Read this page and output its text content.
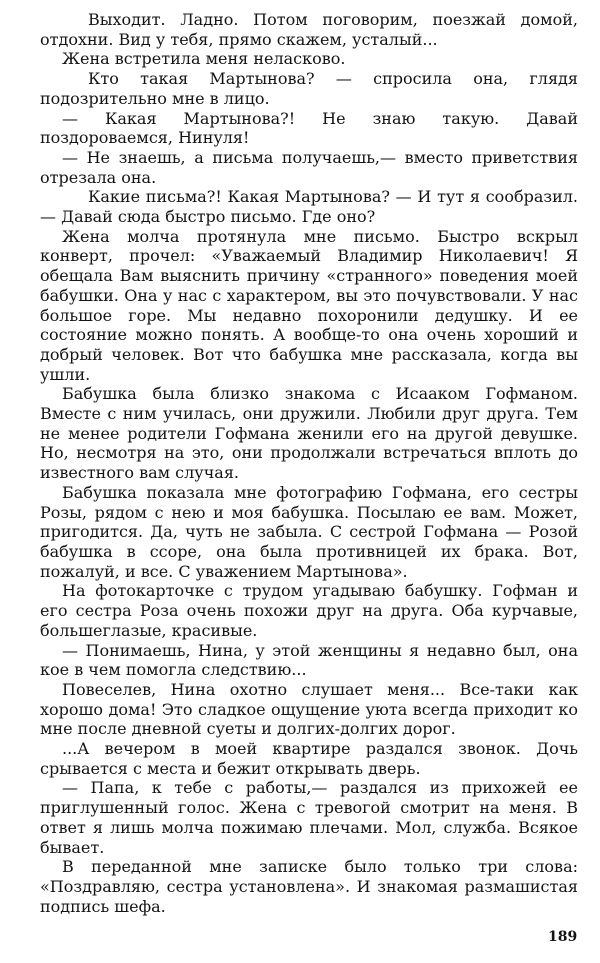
Выходит. Ладно. Потом поговорим, поезжай домой, отдохни. Вид у тебя, прямо скажем, усталый...

Жена встретила меня неласково.

Кто такая Мартынова? — спросила она, глядя подозрительно мне в лицо.

— Какая Мартынова?! Не знаю такую. Давай поздороваемся, Нинуля!

— Не знаешь, а письма получаешь,— вместо приветствия отрезала она.

Какие письма?! Какая Мартынова? — И тут я сообразил.— Давай сюда быстро письмо. Где оно?

Жена молча протянула мне письмо. Быстро вскрыл конверт, прочел: «Уважаемый Владимир Николаевич! Я обещала Вам выяснить причину «странного» поведения моей бабушки. Она у нас с характером, вы это почувствовали. У нас большое горе. Мы недавно похоронили дедушку. И ее состояние можно понять. А вообще-то она очень хороший и добрый человек. Вот что бабушка мне рассказала, когда вы ушли.

Бабушка была близко знакома с Исааком Гофманом. Вместе с ним училась, они дружили. Любили друг друга. Тем не менее родители Гофмана женили его на другой девушке. Но, несмотря на это, они продолжали встречаться вплоть до известного вам случая.

Бабушка показала мне фотографию Гофмана, его сестры Розы, рядом с нею и моя бабушка. Посылаю ее вам. Может, пригодится. Да, чуть не забыла. С сестрой Гофмана — Розой бабушка в ссоре, она была противницей их брака. Вот, пожалуй, и все. С уважением Мартынова».

На фотокарточке с трудом угадываю бабушку. Гофман и его сестра Роза очень похожи друг на друга. Оба курчавые, большеглазые, красивые.

— Понимаешь, Нина, у этой женщины я недавно был, она кое в чем помогла следствию...

Повеселев, Нина охотно слушает меня... Все-таки как хорошо дома! Это сладкое ощущение уюта всегда приходит ко мне после дневной суеты и долгих-долгих дорог.

...А вечером в моей квартире раздался звонок. Дочь срывается с места и бежит открывать дверь.

— Папа, к тебе с работы,— раздался из прихожей ее приглушенный голос. Жена с тревогой смотрит на меня. В ответ я лишь молча пожимаю плечами. Мол, служба. Всякое бывает.

В переданной мне записке было только три слова: «Поздравляю, сестра установлена». И знакомая размашистая подпись шефа.

189
